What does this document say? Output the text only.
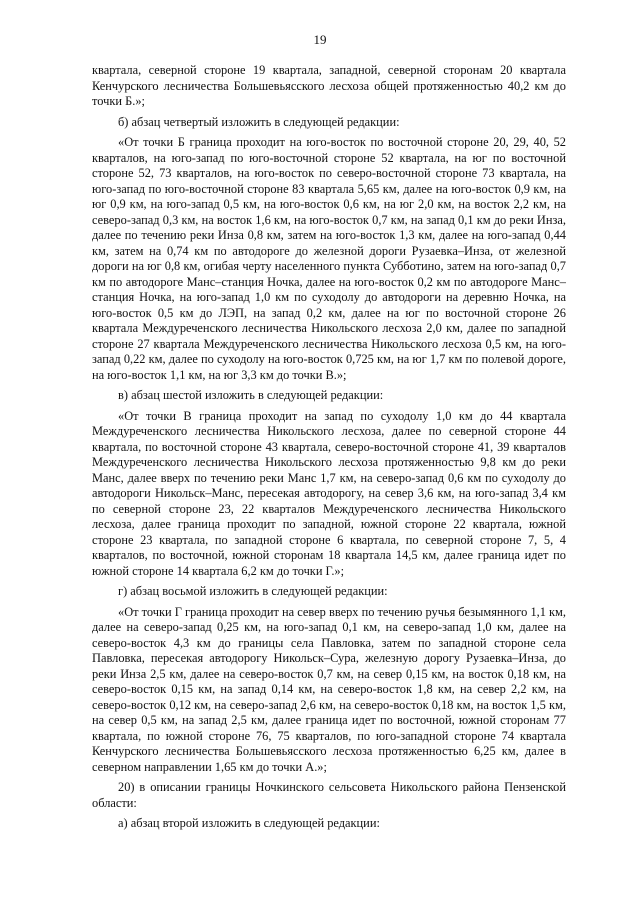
19

квартала, северной стороне 19 квартала, западной, северной сторонам 20 квартала Кенчурского лесничества Большевьясского лесхоза общей протяженностью 40,2 км до точки Б.»;

б) абзац четвертый изложить в следующей редакции:

«От точки Б граница проходит на юго-восток по восточной стороне 20, 29, 40, 52 кварталов, на юго-запад по юго-восточной стороне 52 квартала, на юг по восточной стороне 52, 73 кварталов, на юго-восток по северо-восточной стороне 73 квартала, на юго-запад по юго-восточной стороне 83 квартала 5,65 км, далее на юго-восток 0,9 км, на юг 0,9 км, на юго-запад 0,5 км, на юго-восток 0,6 км, на юг 2,0 км, на восток 2,2 км, на северо-запад 0,3 км, на восток 1,6 км, на юго-восток 0,7 км, на запад 0,1 км до реки Инза, далее по течению реки Инза 0,8 км, затем на юго-восток 1,3 км, далее на юго-запад 0,44 км, затем на 0,74 км по автодороге до железной дороги Рузаевка–Инза, от железной дороги на юг 0,8 км, огибая черту населенного пункта Субботино, затем на юго-запад 0,7 км по автодороге Манс–станция Ночка, далее на юго-восток 0,2 км по автодороге Манс–станция Ночка, на юго-запад 1,0 км по суходолу до автодороги на деревню Ночка, на юго-восток 0,5 км до ЛЭП, на запад 0,2 км, далее на юг по восточной стороне 26 квартала Междуреченского лесничества Никольского лесхоза 2,0 км, далее по западной стороне 27 квартала Междуреченского лесничества Никольского лесхоза 0,5 км, на юго-запад 0,22 км, далее по суходолу на юго-восток 0,725 км, на юг 1,7 км по полевой дороге, на юго-восток 1,1 км, на юг 3,3 км до точки В.»;

в) абзац шестой изложить в следующей редакции:

«От точки В граница проходит на запад по суходолу 1,0 км до 44 квартала Междуреченского лесничества Никольского лесхоза, далее по северной стороне 44 квартала, по восточной стороне 43 квартала, северо-восточной стороне 41, 39 кварталов Междуреченского лесничества Никольского лесхоза протяженностью 9,8 км до реки Манс, далее вверх по течению реки Манс 1,7 км, на северо-запад 0,6 км по суходолу до автодороги Никольск–Манс, пересекая автодорогу, на север 3,6 км, на юго-запад 3,4 км по северной стороне 23, 22 кварталов Междуреченского лесничества Никольского лесхоза, далее граница проходит по западной, южной стороне 22 квартала, южной стороне 23 квартала, по западной стороне 6 квартала, по северной стороне 7, 5, 4 кварталов, по восточной, южной сторонам 18 квартала 14,5 км, далее граница идет по южной стороне 14 квартала 6,2 км до точки Г.»;

г) абзац восьмой изложить в следующей редакции:

«От точки Г граница проходит на север вверх по течению ручья безымянного 1,1 км, далее на северо-запад 0,25 км, на юго-запад 0,1 км, на северо-запад 1,0 км, далее на северо-восток 4,3 км до границы села Павловка, затем по западной стороне села Павловка, пересекая автодорогу Никольск–Сура, железную дорогу Рузаевка–Инза, до реки Инза 2,5 км, далее на северо-восток 0,7 км, на север 0,15 км, на восток 0,18 км, на северо-восток 0,15 км, на запад 0,14 км, на северо-восток 1,8 км, на север 2,2 км, на северо-восток 0,12 км, на северо-запад 2,6 км, на северо-восток 0,18 км, на восток 1,5 км, на север 0,5 км, на запад 2,5 км, далее граница идет по восточной, южной сторонам 77 квартала, по южной стороне 76, 75 кварталов, по юго-западной стороне 74 квартала Кенчурского лесничества Большевьясского лесхоза протяженностью 6,25 км, далее в северном направлении 1,65 км до точки А.»;

20) в описании границы Ночкинского сельсовета Никольского района Пензенской области:

а) абзац второй изложить в следующей редакции:
